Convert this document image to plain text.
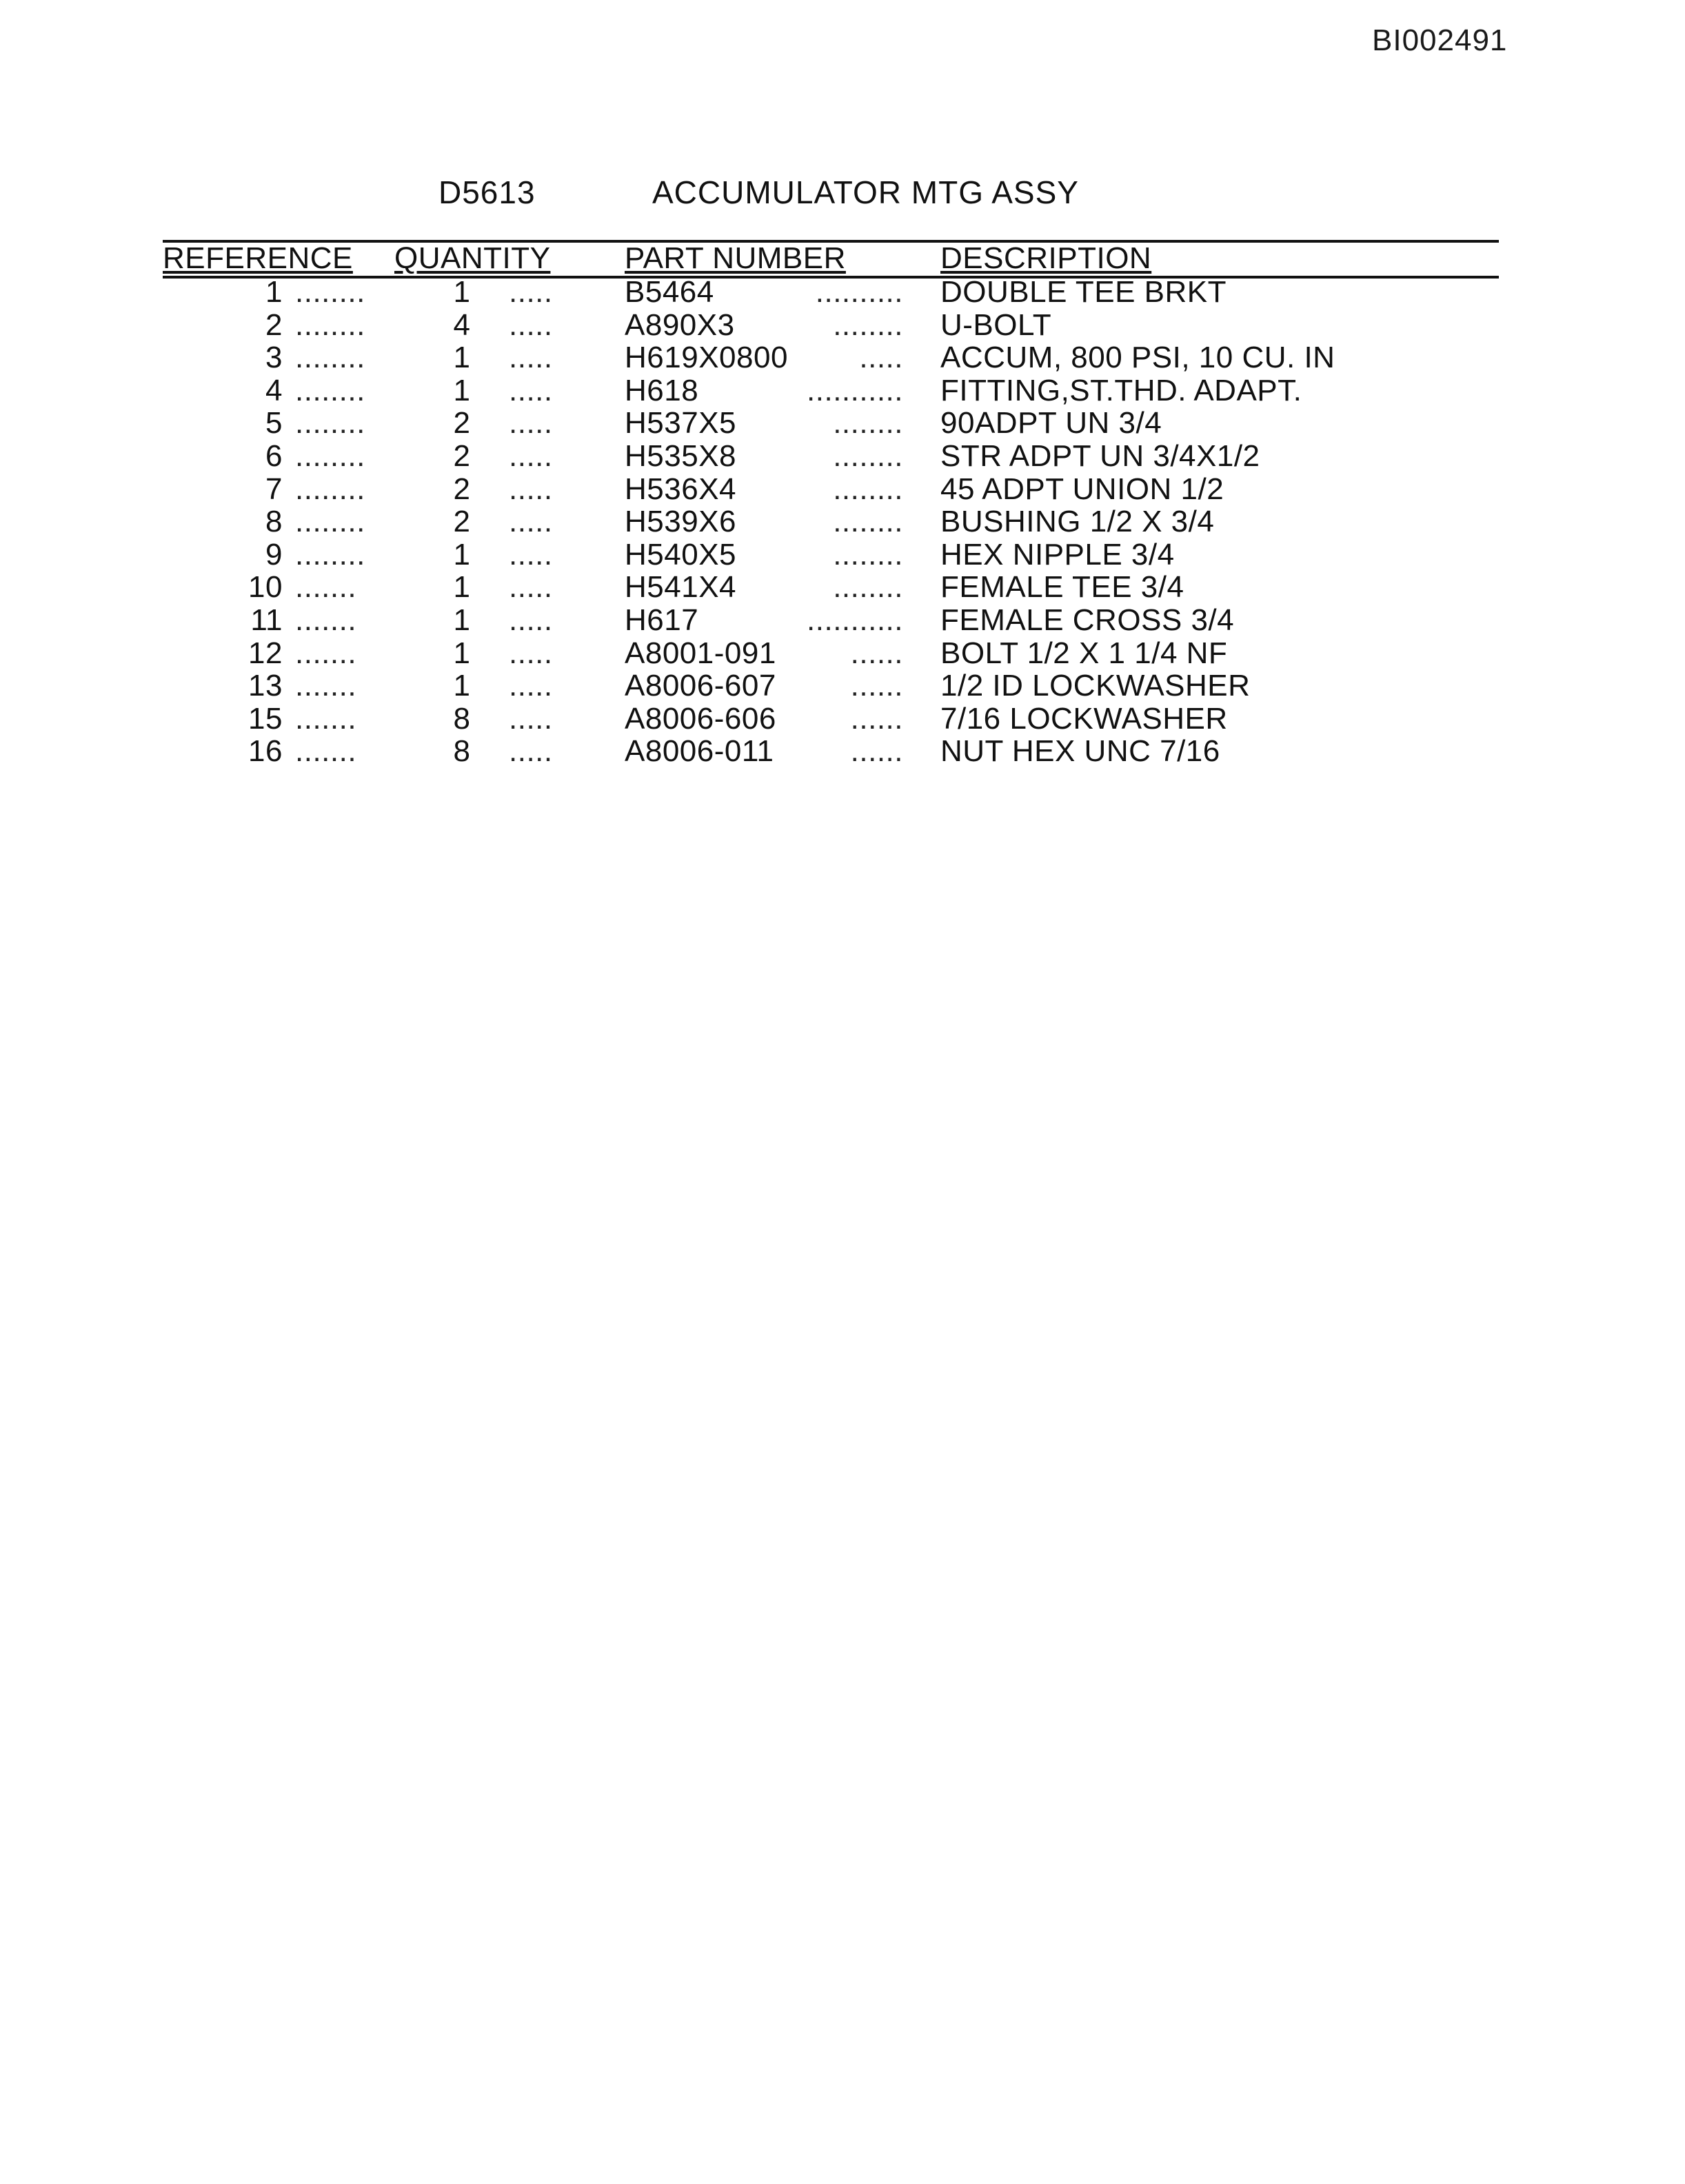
BI002491
D5613	ACCUMULATOR MTG ASSY
REFERENCE QUANTITY PART NUMBER	DESCRIPTION
1 ........	1 .....	B5464	.......... DOUBLE TEE BRKT
2 ........	4 .....	A890X3	........ U-BOLT
3 ........	1 .....	H619X0800	..... ACCUM, 800 PSI, 10 CU. IN
4 ........	1 .....	H618	........... FITTING,ST.THD. ADAPT.
5 ........	2 .....	H537X5	........ 90ADPT UN 3/4
6 ........	2 .....	H535X8	........ STR ADPT UN 3/4X1/2
7 ........	2 .....	H536X4	........ 45 ADPT UNION 1/2
8 ........	2 .....	H539X6	........ BUSHING 1/2 X 3/4
9 ........	1 .....	H540X5	........ HEX NIPPLE 3/4
10 .......	1 .....	H541X4	........ FEMALE TEE 3/4
11 .......	1 .....	H617	........... FEMALE CROSS 3/4
12 .......	1 .....	A8001-091	...... BOLT 1/2 X 1 1/4 NF
13 .......	1 .....	A8006-607	...... 1/2 ID LOCKWASHER
15 .......	8 .....	A8006-606	...... 7/16 LOCKWASHER
16 .......	8 .....	A8006-011	...... NUT HEX UNC 7/16
